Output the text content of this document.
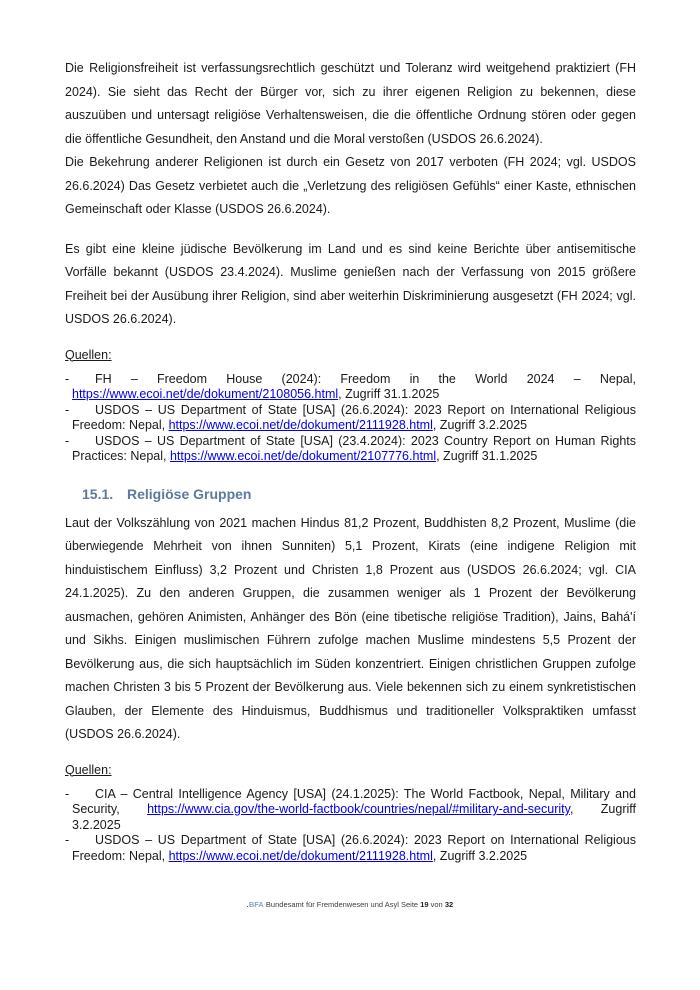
Die Religionsfreiheit ist verfassungsrechtlich geschützt und Toleranz wird weitgehend praktiziert (FH 2024). Sie sieht das Recht der Bürger vor, sich zu ihrer eigenen Religion zu bekennen, diese auszuüben und untersagt religiöse Verhaltensweisen, die die öffentliche Ordnung stören oder gegen die öffentliche Gesundheit, den Anstand und die Moral verstoßen (USDOS 26.6.2024).

Die Bekehrung anderer Religionen ist durch ein Gesetz von 2017 verboten (FH 2024; vgl. USDOS 26.6.2024) Das Gesetz verbietet auch die „Verletzung des religiösen Gefühls“ einer Kaste, ethnischen Gemeinschaft oder Klasse (USDOS 26.6.2024).

Es gibt eine kleine jüdische Bevölkerung im Land und es sind keine Berichte über antisemitische Vorfälle bekannt (USDOS 23.4.2024). Muslime genießen nach der Verfassung von 2015 größere Freiheit bei der Ausübung ihrer Religion, sind aber weiterhin Diskriminierung ausgesetzt (FH 2024; vgl. USDOS 26.6.2024).

Quellen:
- FH – Freedom House (2024): Freedom in the World 2024 – Nepal, https://www.ecoi.net/de/dokument/2108056.html, Zugriff 31.1.2025
- USDOS – US Department of State [USA] (26.6.2024): 2023 Report on International Religious Freedom: Nepal, https://www.ecoi.net/de/dokument/2111928.html, Zugriff 3.2.2025
- USDOS – US Department of State [USA] (23.4.2024): 2023 Country Report on Human Rights Practices: Nepal, https://www.ecoi.net/de/dokument/2107776.html, Zugriff 31.1.2025
15.1. Religiöse Gruppen

Laut der Volkszählung von 2021 machen Hindus 81,2 Prozent, Buddhisten 8,2 Prozent, Muslime (die überwiegende Mehrheit von ihnen Sunniten) 5,1 Prozent, Kirats (eine indigene Religion mit hinduistischem Einfluss) 3,2 Prozent und Christen 1,8 Prozent aus (USDOS 26.6.2024; vgl. CIA 24.1.2025). Zu den anderen Gruppen, die zusammen weniger als 1 Prozent der Bevölkerung ausmachen, gehören Animisten, Anhänger des Bön (eine tibetische religiöse Tradition), Jains, Bahá'í und Sikhs. Einigen muslimischen Führern zufolge machen Muslime mindestens 5,5 Prozent der Bevölkerung aus, die sich hauptsächlich im Süden konzentriert. Einigen christlichen Gruppen zufolge machen Christen 3 bis 5 Prozent der Bevölkerung aus. Viele bekennen sich zu einem synkretistischen Glauben, der Elemente des Hinduismus, Buddhismus und traditioneller Volkspraktiken umfasst (USDOS 26.6.2024).

Quellen:
- CIA – Central Intelligence Agency [USA] (24.1.2025): The World Factbook, Nepal, Military and Security, https://www.cia.gov/the-world-factbook/countries/nepal/#military-and-security, Zugriff 3.2.2025
- USDOS – US Department of State [USA] (26.6.2024): 2023 Report on International Religious Freedom: Nepal, https://www.ecoi.net/de/dokument/2111928.html, Zugriff 3.2.2025
BFA Bundesamt für Fremdenwesen und Asyl Seite 19 von 32
